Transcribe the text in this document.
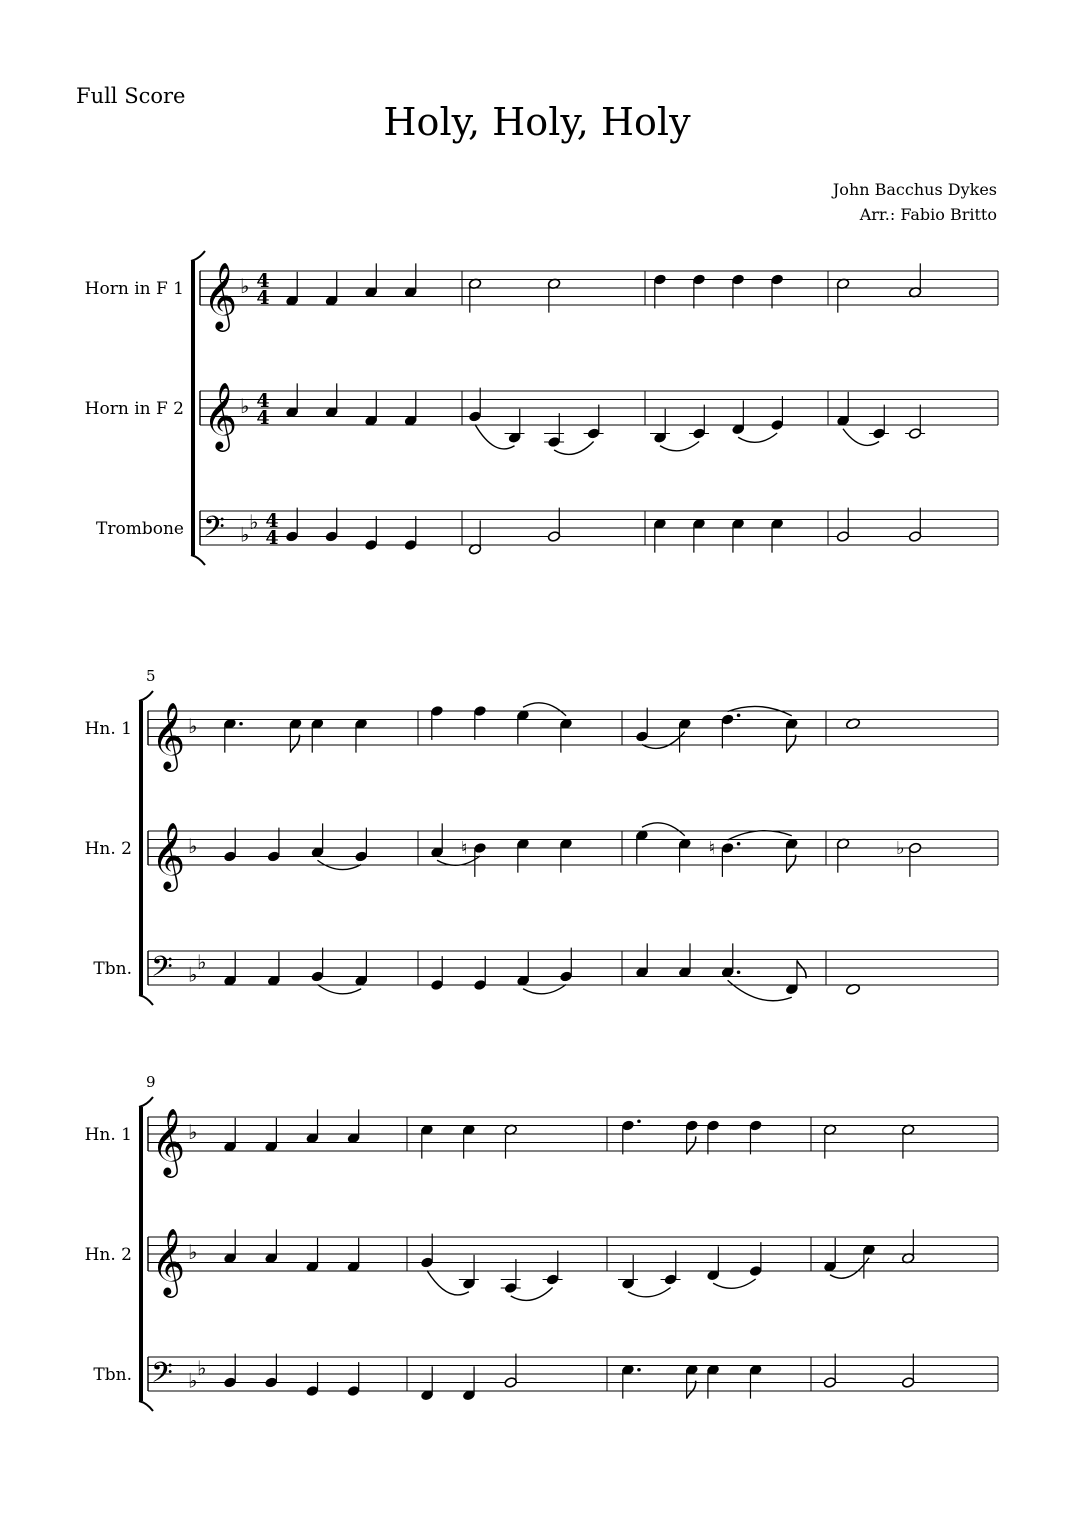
Full Score
Holy, Holy, Holy
John Bacchus Dykes
Arr.: Fabio Britto
Horn in F 1 𝄞 ♭ 4
4
Horn in F 2 𝄞 ♭ 4
4
Trombone 𝄢 ♭
♭ 4
4
5
Hn. 1 𝄞 ♭
Hn. 2 𝄞 ♭	♮	♮	♭
Tbn. 𝄢 ♭
♭
9
Hn. 1 𝄞 ♭
Hn. 2 𝄞 ♭
Tbn. 𝄢 ♭
♭
